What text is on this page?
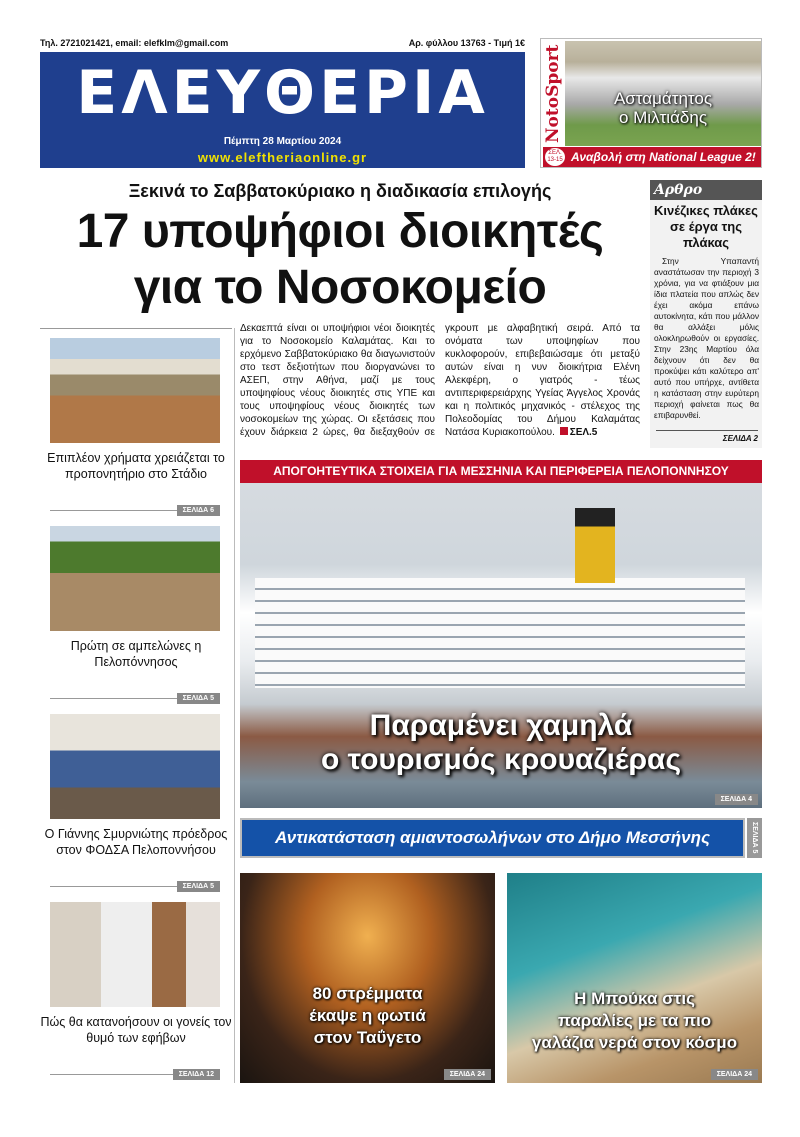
Τηλ. 2721021421, email: elefklm@gmail.com	Αρ. φύλλου 13763 - Τιμή 1€
ΕΛΕΥΘΕΡΙΑ
Πέμπτη 28 Μαρτίου 2024
www.eleftheriaonline.gr
NotoSport	Ασταμάτητος
ο Μιλτιάδης
Αναβολή στη National League 2!
ΣΕΛ. 13-15
Ξεκινά το Σαββατοκύριακο η διαδικασία επιλογής
17 υποψήφιοι διοικητές
για το Νοσοκομείο
Επιπλέον χρήματα χρειάζεται το προπονητήριο στο Στάδιο
ΣΕΛΙΔΑ 6
Πρώτη σε αμπελώνες η Πελοπόννησος
ΣΕΛΙΔΑ 5
Ο Γιάννης Σμυρνιώτης πρόεδρος στον ΦΟΔΣΑ Πελοποννήσου
ΣΕΛΙΔΑ 5
Πώς θα κατανοήσουν οι γονείς τον θυμό των εφήβων
ΣΕΛΙΔΑ 12
Δεκαεπτά είναι οι υποψήφιοι νέοι διοικητές για το Νοσοκομείο Καλαμάτας. Και το ερχόμενο Σαββατοκύριακο θα διαγωνιστούν στο τεστ δεξιοτήτων που διοργανώνει το ΑΣΕΠ, στην Αθήνα, μαζί με τους υποψηφίους νέους διοικητές στις ΥΠΕ και τους υποψηφίους νέους διοικητές των νοσοκομείων της χώρας. Οι εξετάσεις που έχουν διάρκεια 2 ώρες, θα διεξαχθούν σε γκρουπ με αλφαβητική σειρά. Από τα ονόματα των υποψηφίων που κυκλοφορούν, επιβεβαιώσαμε ότι μεταξύ αυτών είναι η νυν διοικήτρια Ελένη Αλεκφέρη, ο γιατρός - τέως αντιπεριφερειάρχης Υγείας Άγγελος Χρονάς και η πολιτικός μηχανικός - στέλεχος της Πολεοδομίας του Δήμου Καλαμάτας Νατάσα Κυριακοπούλου. ΣΕΛ.5
Αρθρο
Κινέζικες πλάκες σε έργα της πλάκας
Στην Υπαπαντή αναστάτωσαν την περιοχή 3 χρόνια, για να φτιάξουν μια ίδια πλατεία που απλώς δεν έχει ακόμα επάνω αυτοκίνητα, κάτι που μάλλον θα αλλάξει μόλις ολοκληρωθούν οι εργασίες. Στην 23ης Μαρτίου όλα δείχνουν ότι δεν θα προκύψει κάτι καλύτερο απ' αυτό που υπήρχε, αντίθετα η κατάσταση στην ευρύτερη περιοχή φαίνεται πως θα επιβαρυνθεί.
ΣΕΛΙΔΑ 2
ΑΠΟΓΟΗΤΕΥΤΙΚΑ ΣΤΟΙΧΕΙΑ ΓΙΑ ΜΕΣΣΗΝΙΑ ΚΑΙ ΠΕΡΙΦΕΡΕΙΑ ΠΕΛΟΠΟΝΝΗΣΟΥ
Παραμένει χαμηλά
ο τουρισμός κρουαζιέρας
ΣΕΛΙΔΑ 4
Αντικατάσταση αμιαντοσωλήνων στο Δήμο Μεσσήνης	ΣΕΛΙΔΑ 5
80 στρέμματα
έκαψε η φωτιά
στον Ταΰγετο
ΣΕΛΙΔΑ 24
Η Μπούκα στις
παραλίες με τα πιο
γαλάζια νερά στον κόσμο
ΣΕΛΙΔΑ 24
